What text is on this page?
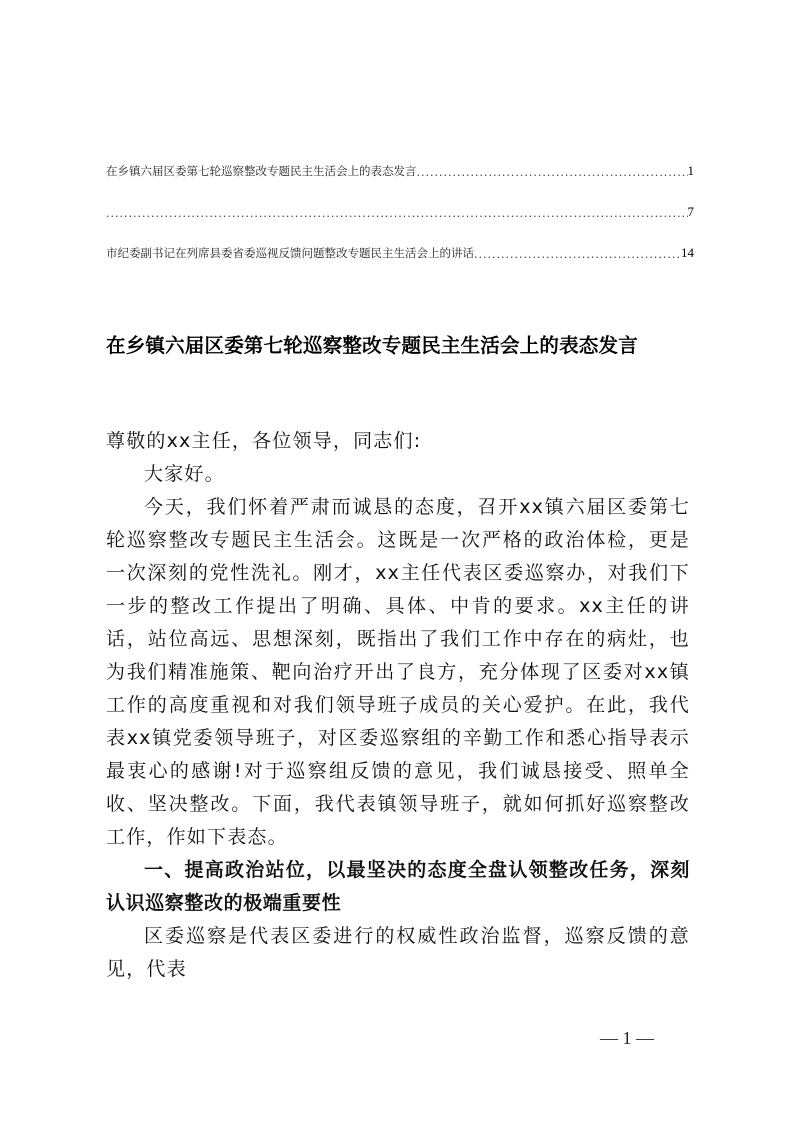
在乡镇六届区委第七轮巡察整改专题民主生活会上的表态发言 .....	1
.....
7
市纪委副书记在列席县委省委巡视反馈问题整改专题民主生活会上的讲话 .....	14
在乡镇六届区委第七轮巡察整改专题民主生活会上的表态发言

尊敬的xx主任，各位领导，同志们:

大家好。

今天，我们怀着严肃而诚恳的态度，召开xx镇六届区委第七轮巡察整改专题民主生活会。这既是一次严格的政治体检，更是一次深刻的党性洗礼。刚才，xx主任代表区委巡察办，对我们下一步的整改工作提出了明确、具体、中肯的要求。xx主任的讲话，站位高远、思想深刻，既指出了我们工作中存在的病灶，也为我们精准施策、靶向治疗开出了良方，充分体现了区委对xx镇工作的高度重视和对我们领导班子成员的关心爱护。在此，我代表xx镇党委领导班子，对区委巡察组的辛勤工作和悉心指导表示最衷心的感谢!对于巡察组反馈的意见，我们诚恳接受、照单全收、坚决整改。下面，我代表镇领导班子，就如何抓好巡察整改工作，作如下表态。

一、提高政治站位，以最坚决的态度全盘认领整改任务，深刻认识巡察整改的极端重要性

区委巡察是代表区委进行的权威性政治监督，巡察反馈的意见，代表

— 1 —
